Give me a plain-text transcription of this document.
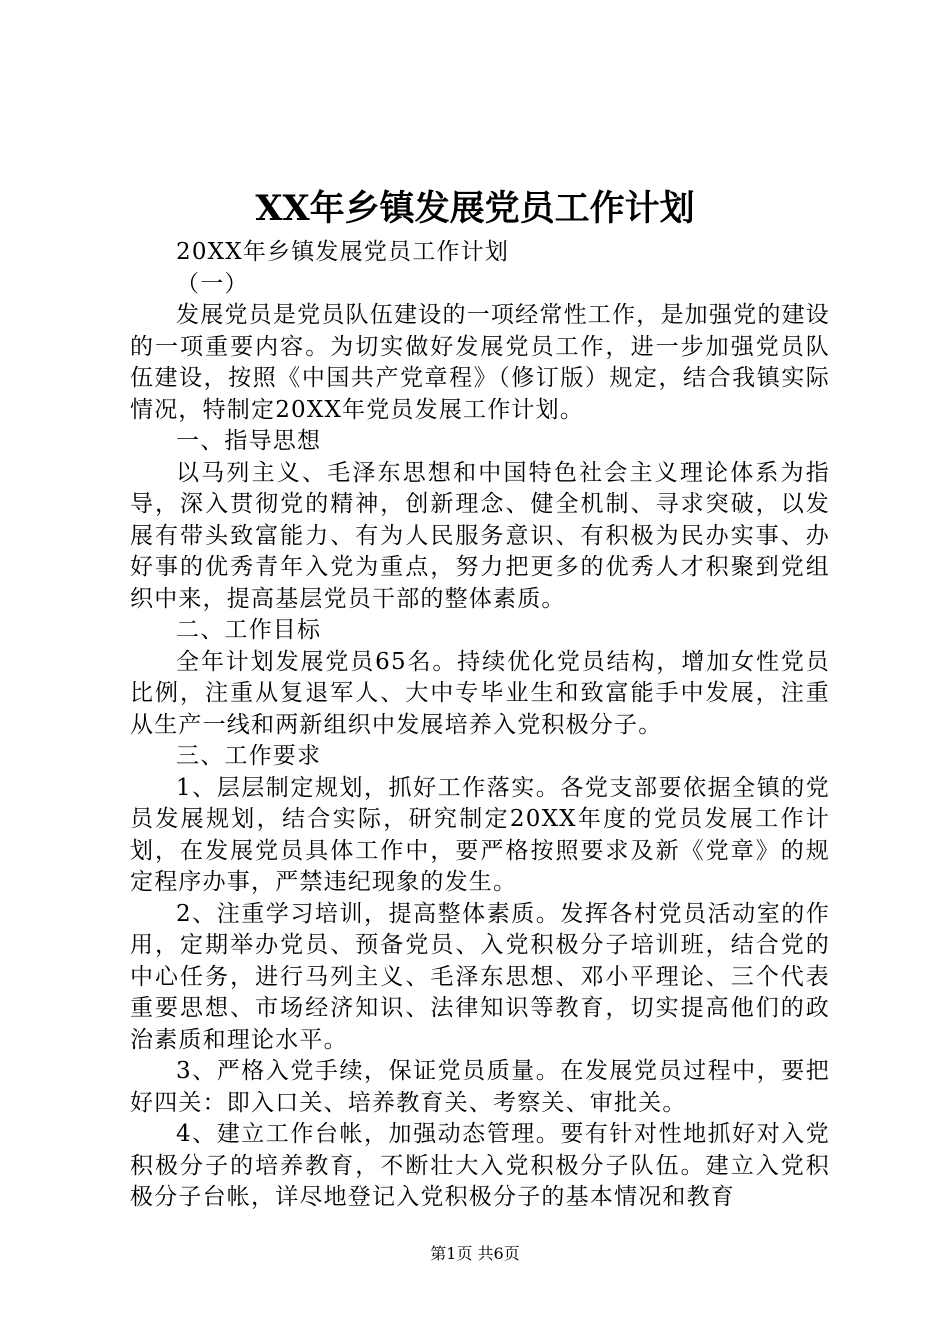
XX年乡镇发展党员工作计划

20XX年乡镇发展党员工作计划

（一）

发展党员是党员队伍建设的一项经常性工作，是加强党的建设的一项重要内容。为切实做好发展党员工作，进一步加强党员队伍建设，按照《中国共产党章程》（修订版）规定，结合我镇实际情况，特制定20XX年党员发展工作计划。

一、指导思想

以马列主义、毛泽东思想和中国特色社会主义理论体系为指导，深入贯彻党的精神，创新理念、健全机制、寻求突破，以发展有带头致富能力、有为人民服务意识、有积极为民办实事、办好事的优秀青年入党为重点，努力把更多的优秀人才积聚到党组织中来，提高基层党员干部的整体素质。

二、工作目标

全年计划发展党员65名。持续优化党员结构，增加女性党员比例，注重从复退军人、大中专毕业生和致富能手中发展，注重从生产一线和两新组织中发展培养入党积极分子。

三、工作要求

1、层层制定规划，抓好工作落实。各党支部要依据全镇的党员发展规划，结合实际，研究制定20XX年度的党员发展工作计划，在发展党员具体工作中，要严格按照要求及新《党章》的规定程序办事，严禁违纪现象的发生。

2、注重学习培训，提高整体素质。发挥各村党员活动室的作用，定期举办党员、预备党员、入党积极分子培训班，结合党的中心任务，进行马列主义、毛泽东思想、邓小平理论、三个代表重要思想、市场经济知识、法律知识等教育，切实提高他们的政治素质和理论水平。

3、严格入党手续，保证党员质量。在发展党员过程中，要把好四关：即入口关、培养教育关、考察关、审批关。

4、建立工作台帐，加强动态管理。要有针对性地抓好对入党积极分子的培养教育，不断壮大入党积极分子队伍。建立入党积极分子台帐，详尽地登记入党积极分子的基本情况和教育

第1页 共6页
